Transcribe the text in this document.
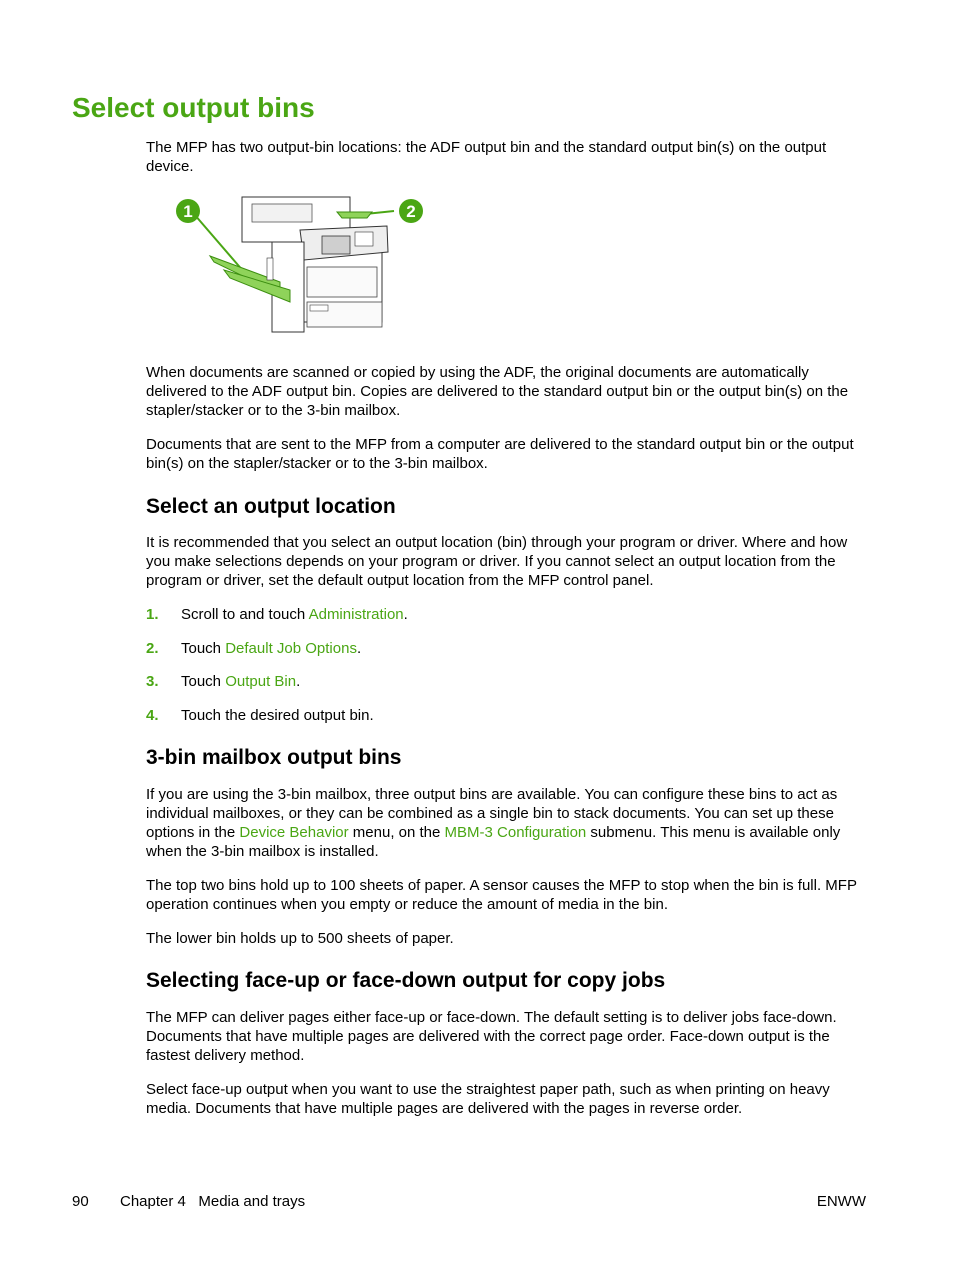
Select output bins

The MFP has two output-bin locations: the ADF output bin and the standard output bin(s) on the output device.

1	2

When documents are scanned or copied by using the ADF, the original documents are automatically delivered to the ADF output bin. Copies are delivered to the standard output bin or the output bin(s) on the stapler/stacker or to the 3-bin mailbox.

Documents that are sent to the MFP from a computer are delivered to the standard output bin or the output bin(s) on the stapler/stacker or to the 3-bin mailbox.

Select an output location

It is recommended that you select an output location (bin) through your program or driver. Where and how you make selections depends on your program or driver. If you cannot select an output location from the program or driver, set the default output location from the MFP control panel.

1. Scroll to and touch Administration.
2. Touch Default Job Options.
3. Touch Output Bin.
4. Touch the desired output bin.
3-bin mailbox output bins

If you are using the 3-bin mailbox, three output bins are available. You can configure these bins to act as individual mailboxes, or they can be combined as a single bin to stack documents. You can set up these options in the Device Behavior menu, on the MBM-3 Configuration submenu. This menu is available only when the 3-bin mailbox is installed.

The top two bins hold up to 100 sheets of paper. A sensor causes the MFP to stop when the bin is full. MFP operation continues when you empty or reduce the amount of media in the bin.

The lower bin holds up to 500 sheets of paper.

Selecting face-up or face-down output for copy jobs

The MFP can deliver pages either face-up or face-down. The default setting is to deliver jobs face-down. Documents that have multiple pages are delivered with the correct page order. Face-down output is the fastest delivery method.

Select face-up output when you want to use the straightest paper path, such as when printing on heavy media. Documents that have multiple pages are delivered with the pages in reverse order.

90 Chapter 4   Media and trays	ENWW
